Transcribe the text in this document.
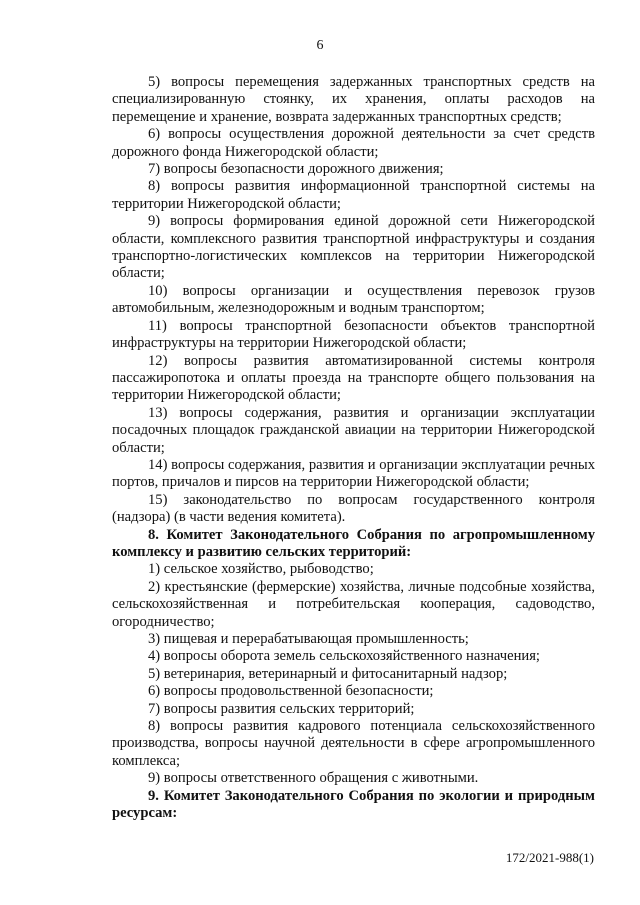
6

5) вопросы перемещения задержанных транспортных средств на специализированную стоянку, их хранения, оплаты расходов на перемещение и хранение, возврата задержанных транспортных средств;

6) вопросы осуществления дорожной деятельности за счет средств дорожного фонда Нижегородской области;

7) вопросы безопасности дорожного движения;

8) вопросы развития информационной транспортной системы на территории Нижегородской области;

9) вопросы формирования единой дорожной сети Нижегородской области, комплексного развития транспортной инфраструктуры и создания транспортно-логистических комплексов на территории Нижегородской области;

10) вопросы организации и осуществления перевозок грузов автомобильным, железнодорожным и водным транспортом;

11) вопросы транспортной безопасности объектов транспортной инфраструктуры на территории Нижегородской области;

12) вопросы развития автоматизированной системы контроля пассажиропотока и оплаты проезда на транспорте общего пользования на территории Нижегородской области;

13) вопросы содержания, развития и организации эксплуатации посадочных площадок гражданской авиации на территории Нижегородской области;

14) вопросы содержания, развития и организации эксплуатации речных портов, причалов и пирсов на территории Нижегородской области;

15) законодательство по вопросам государственного контроля (надзора) (в части ведения комитета).

8. Комитет Законодательного Собрания по агропромышленному комплексу и развитию сельских территорий:

1) сельское хозяйство, рыбоводство;

2) крестьянские (фермерские) хозяйства, личные подсобные хозяйства, сельскохозяйственная и потребительская кооперация, садоводство, огородничество;

3) пищевая и перерабатывающая промышленность;

4) вопросы оборота земель сельскохозяйственного назначения;

5) ветеринария, ветеринарный и фитосанитарный надзор;

6) вопросы продовольственной безопасности;

7) вопросы развития сельских территорий;

8) вопросы развития кадрового потенциала сельскохозяйственного производства, вопросы научной деятельности в сфере агропромышленного комплекса;

9) вопросы ответственного обращения с животными.

9. Комитет Законодательного Собрания по экологии и природным ресурсам:

172/2021-988(1)
